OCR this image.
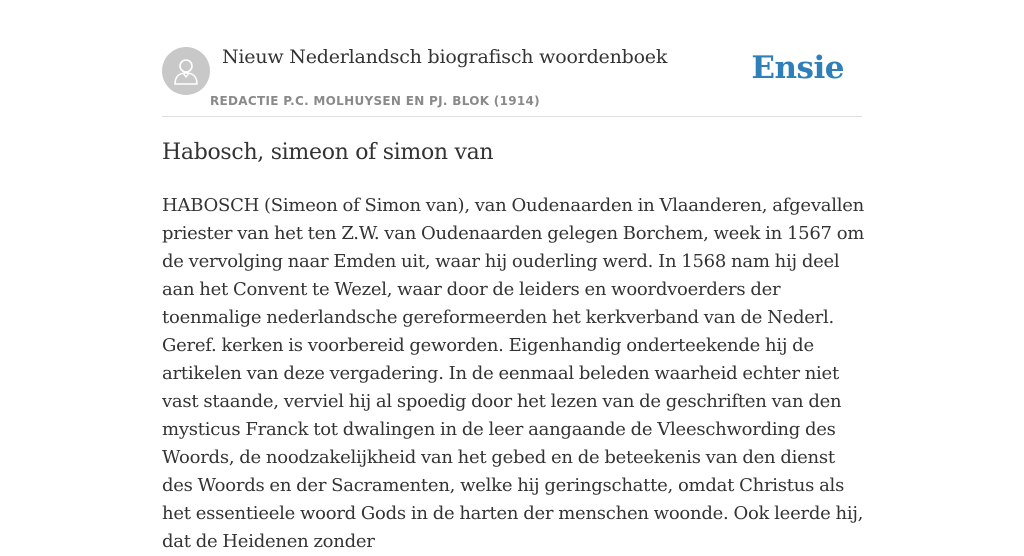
Nieuw Nederlandsch biografisch woordenboek
REDACTIE P.C. MOLHUYSEN EN PJ. BLOK (1914)
Ensie
Habosch, simeon of simon van

HABOSCH (Simeon of Simon van), van Oudenaarden in Vlaanderen, afgevallen priester van het ten Z.W. van Oudenaarden gelegen Borchem, week in 1567 om de vervolging naar Emden uit, waar hij ouderling werd. In 1568 nam hij deel aan het Convent te Wezel, waar door de leiders en woordvoerders der toenmalige nederlandsche gereformeerden het kerkverband van de Nederl. Geref. kerken is voorbereid geworden. Eigenhandig onderteekende hij de artikelen van deze vergadering. In de eenmaal beleden waarheid echter niet vast staande, verviel hij al spoedig door het lezen van de geschriften van den mysticus Franck tot dwalingen in de leer aangaande de Vleeschwording des Woords, de noodzakelijkheid van het gebed en de beteekenis van den dienst des Woords en der Sacramenten, welke hij geringschatte, omdat Christus als het essentieele woord Gods in de harten der menschen woonde. Ook leerde hij, dat de Heidenen zonder
